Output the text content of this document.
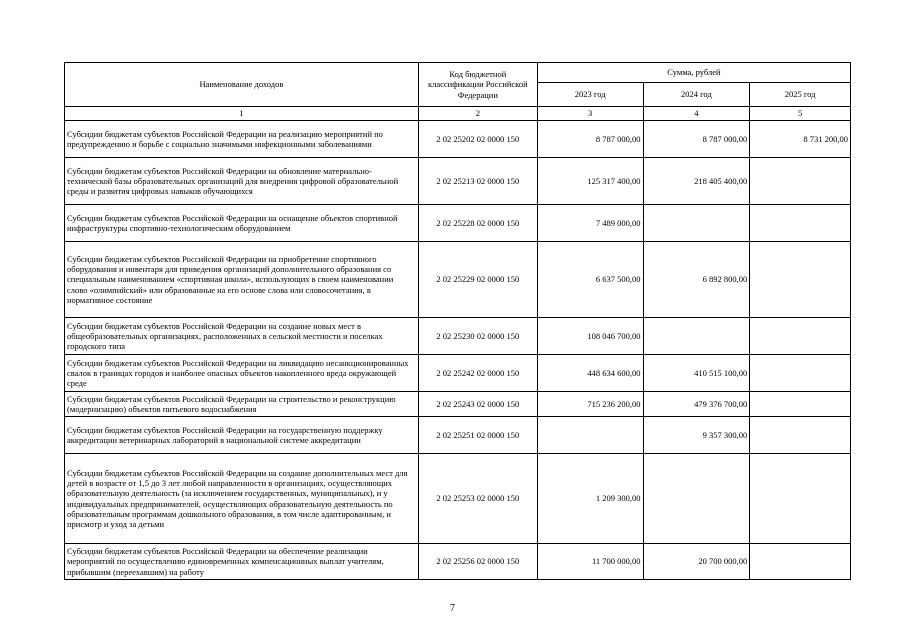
Наименование доходов	Код бюджетной классификации Российской Федерации	Сумма, рублей		
		2023 год	2024 год	2025 год
1	2	3	4	5
Субсидии бюджетам субъектов Российской Федерации на реализацию мероприятий по предупреждению и борьбе с социально значимыми инфекционными заболеваниями	2 02 25202 02 0000 150	8 787 000,00	8 787 000,00	8 731 200,00
Субсидии бюджетам субъектов Российской Федерации на обновление материально-технической базы образовательных организаций для внедрения цифровой образовательной среды и развития цифровых навыков обучающихся	2 02 25213 02 0000 150	125 317 400,00	218 405 400,00	
Субсидии бюджетам субъектов Российской Федерации на оснащение объектов спортивной инфраструктуры спортивно-технологическим оборудованием	2 02 25228 02 0000 150	7 489 000,00		
Субсидии бюджетам субъектов Российской Федерации на приобретение спортивного оборудования и инвентаря для приведения организаций дополнительного образования со специальным наименованием «спортивная школа», использующих в своем наименовании слово «олимпийский» или образованные на его основе слова или словосочетания, в нормативное состояние	2 02 25229 02 0000 150	6 637 500,00	6 892 800,00	
Субсидии бюджетам субъектов Российской Федерации на создание новых мест в общеобразовательных организациях, расположенных в сельской местности и поселках городского типа	2 02 25230 02 0000 150	108 046 700,00		
Субсидии бюджетам субъектов Российской Федерации на ликвидацию несанкционированных свалок в границах городов и наиболее опасных объектов накопленного вреда окружающей среде	2 02 25242 02 0000 150	448 634 600,00	410 515 100,00	
Субсидии бюджетам субъектов Российской Федерации на строительство и реконструкцию (модернизацию) объектов питьевого водоснабжения	2 02 25243 02 0000 150	715 236 200,00	479 376 700,00	
Субсидии бюджетам субъектов Российской Федерации на государственную поддержку аккредитации ветеринарных лабораторий в национальной системе аккредитации	2 02 25251 02 0000 150		9 357 300,00	
Субсидии бюджетам субъектов Российской Федерации на создание дополнительных мест для детей в возрасте от 1,5 до 3 лет любой направленности в организациях, осуществляющих образовательную деятельность (за исключением государственных, муниципальных), и у индивидуальных предпринимателей, осуществляющих образовательную деятельность по образовательным программам дошкольного образования, в том числе адаптированным, и присмотр и уход за детьми	2 02 25253 02 0000 150	1 209 300,00		
Субсидии бюджетам субъектов Российской Федерации на обеспечение реализации мероприятий по осуществлению единовременных компенсационных выплат учителям, прибывшим (переехавшим) на работу	2 02 25256 02 0000 150	11 700 000,00	20 700 000,00	
7
